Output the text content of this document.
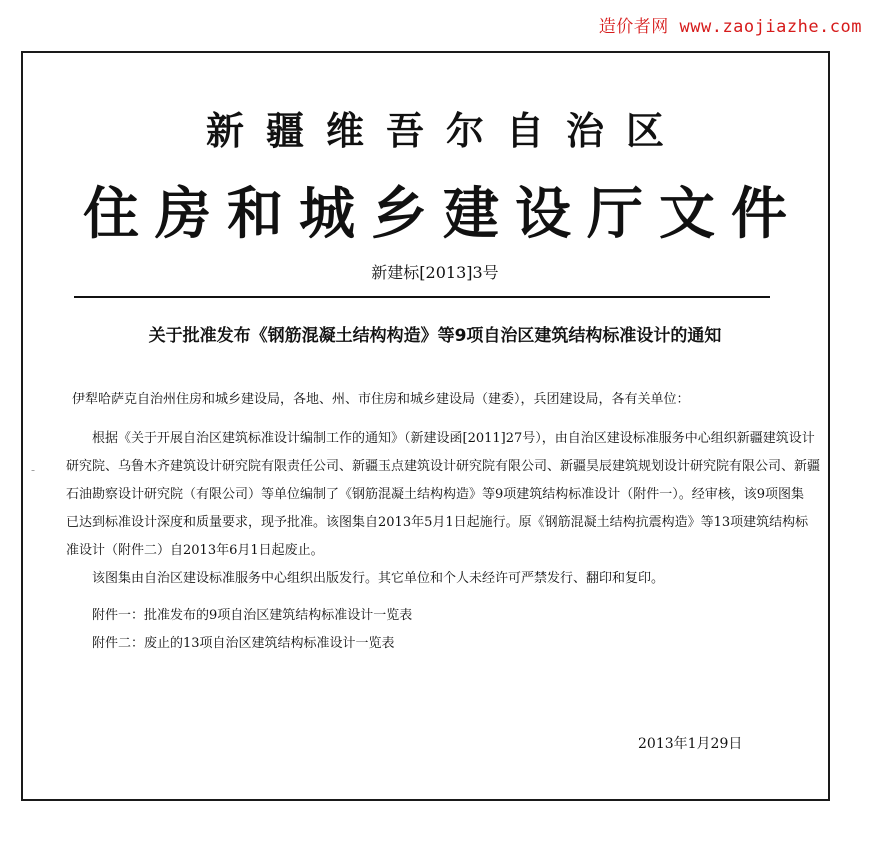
造价者网 www.zaojiazhe.com
新疆维吾尔自治区
住房和城乡建设厅文件
新建标[2013]3号
关于批准发布《钢筋混凝土结构构造》等9项自治区建筑结构标准设计的通知
伊犁哈萨克自治州住房和城乡建设局，各地、州、市住房和城乡建设局（建委），兵团建设局，各有关单位：
根据《关于开展自治区建筑标准设计编制工作的通知》（新建设函[2011]27号），由自治区建设标准服务中心组织新疆建筑设计
研究院、乌鲁木齐建筑设计研究院有限责任公司、新疆玉点建筑设计研究院有限公司、新疆昊辰建筑规划设计研究院有限公司、新疆
石油勘察设计研究院（有限公司）等单位编制了《钢筋混凝土结构构造》等9项建筑结构标准设计（附件一）。经审核，该9项图集
已达到标准设计深度和质量要求，现予批准。该图集自2013年5月1日起施行。原《钢筋混凝土结构抗震构造》等13项建筑结构标
准设计（附件二）自2013年6月1日起废止。
该图集由自治区建设标准服务中心组织出版发行。其它单位和个人未经许可严禁发行、翻印和复印。
附件一：批准发布的9项自治区建筑结构标准设计一览表
附件二：废止的13项自治区建筑结构标准设计一览表
2013年1月29日
-
